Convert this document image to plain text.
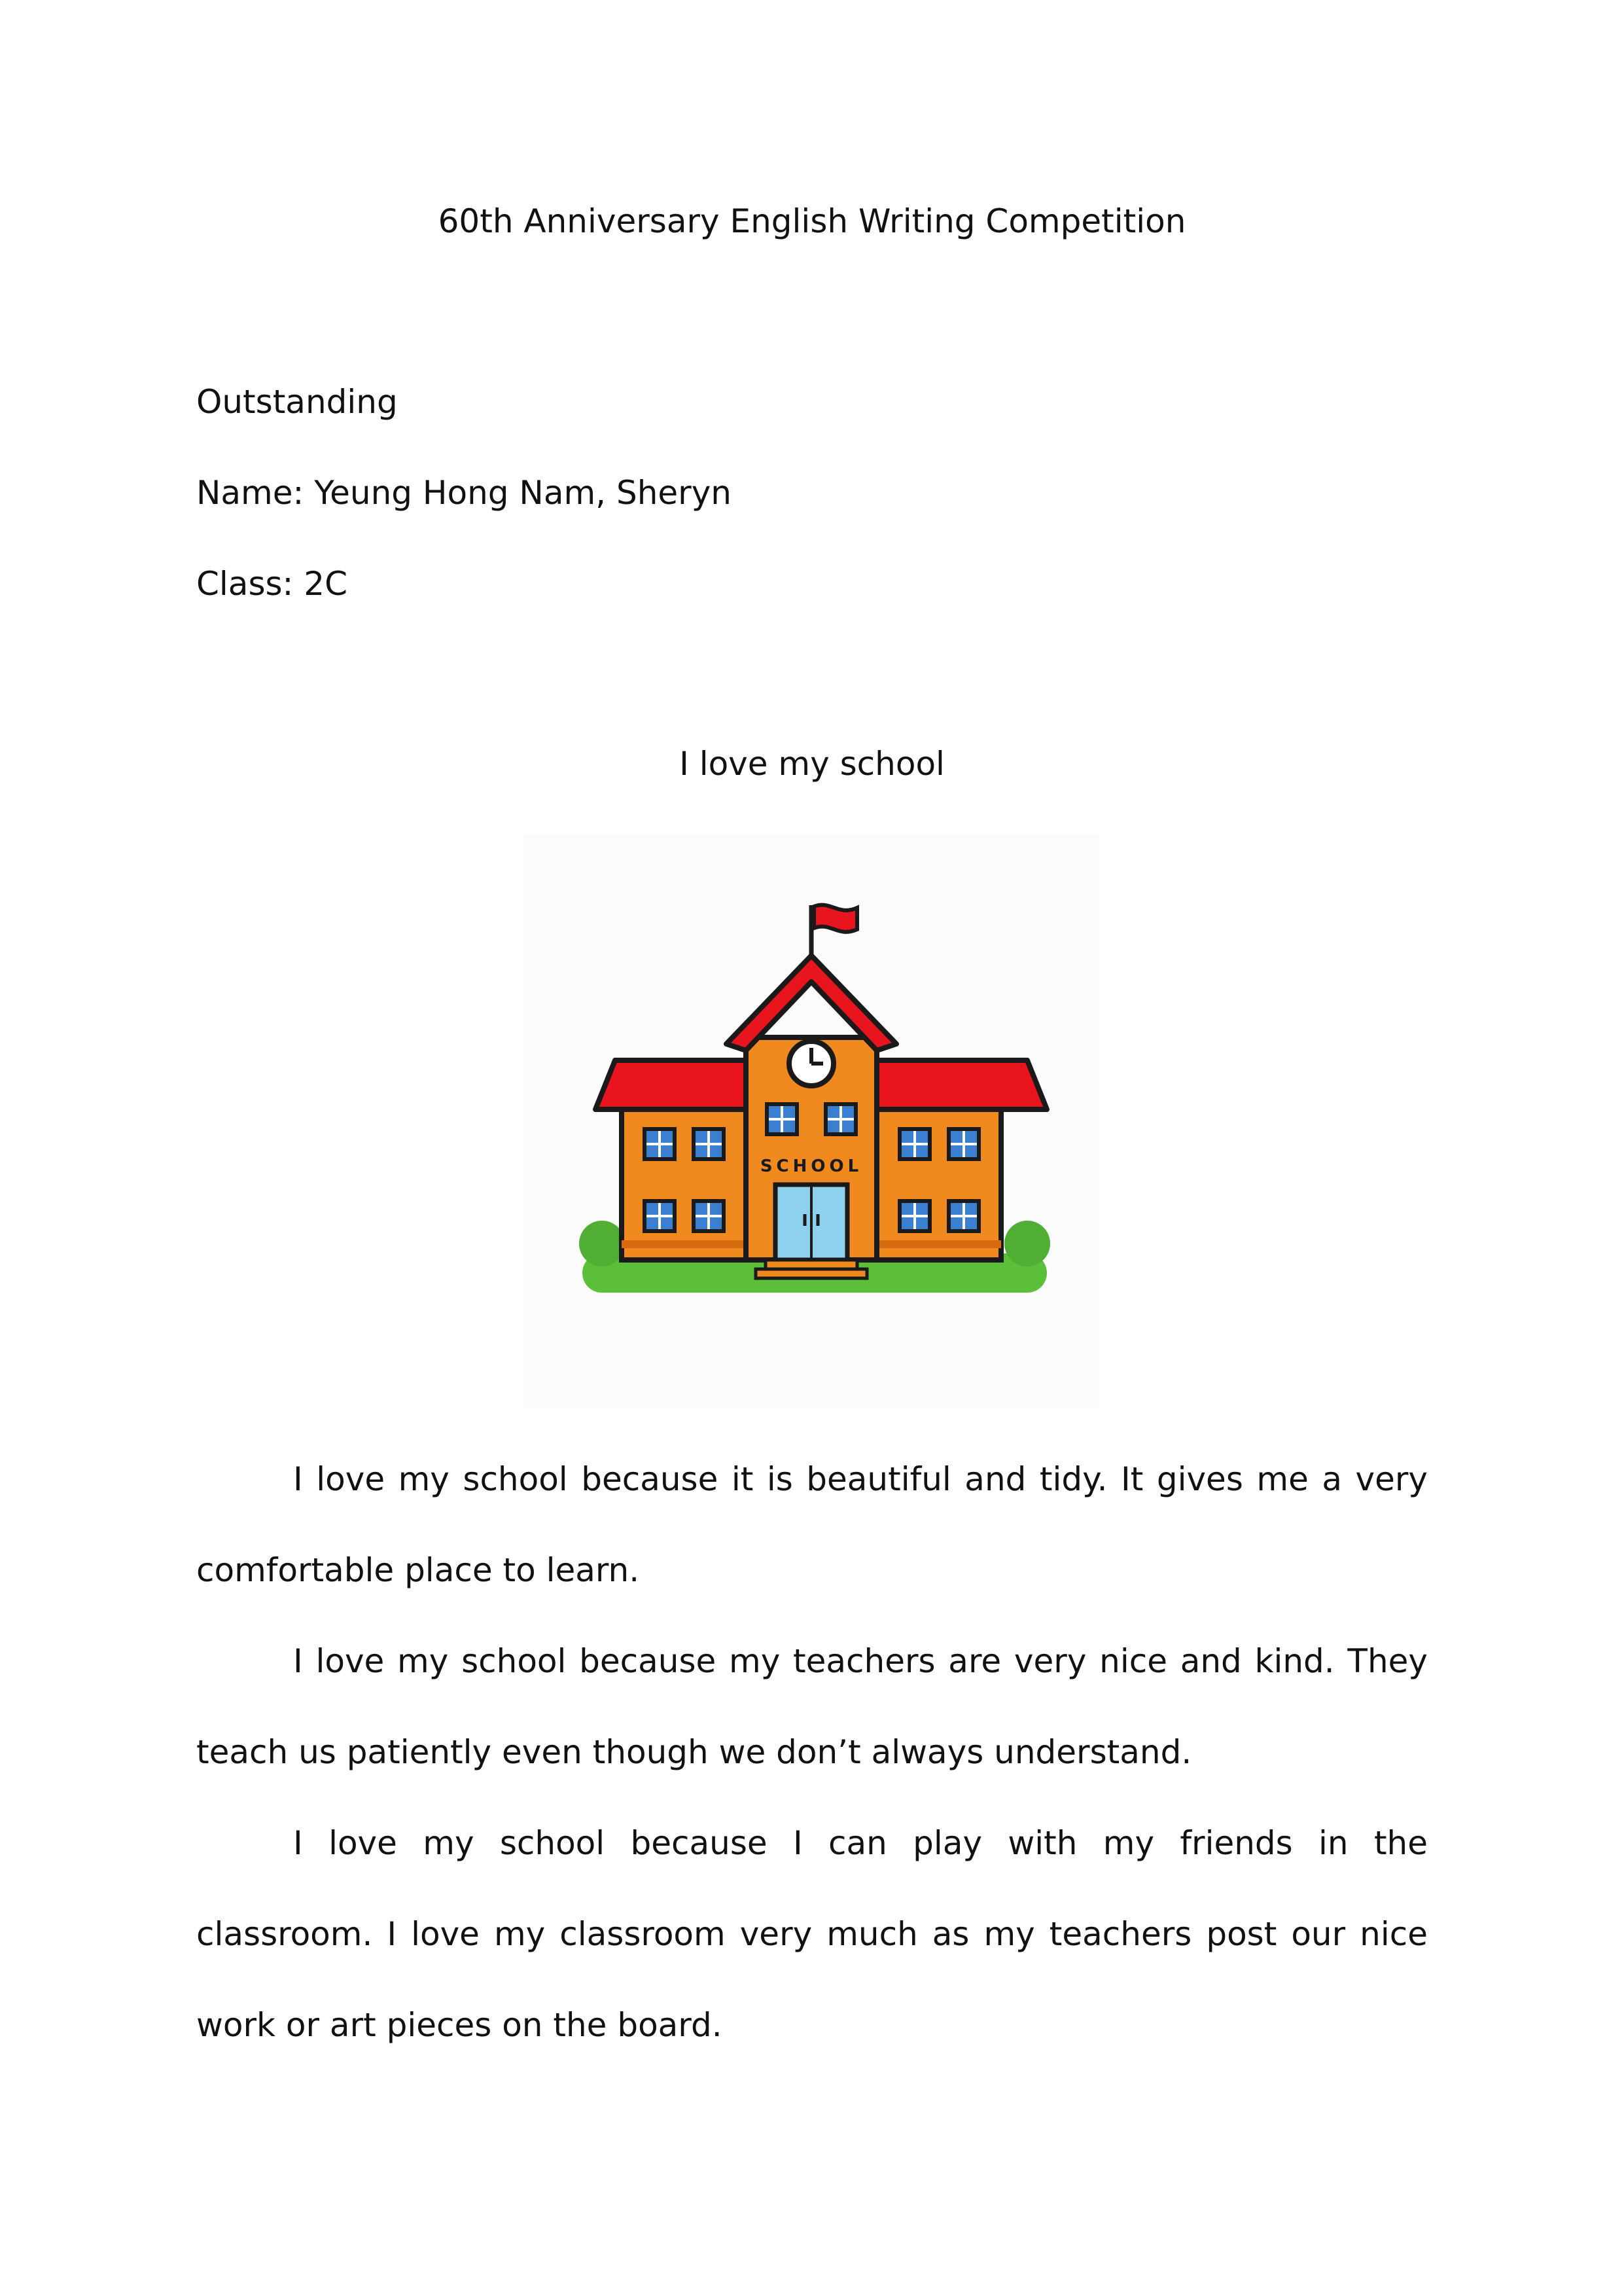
60th Anniversary English Writing Competition
Outstanding
Name: Yeung Hong Nam, Sheryn
Class: 2C
I love my school
SCHOOL

I love my school because it is beautiful and tidy. It gives me a very comfortable place to learn.

I love my school because my teachers are very nice and kind. They teach us patiently even though we don’t always understand.

I love my school because I can play with my friends in the classroom. I love my classroom very much as my teachers post our nice work or art pieces on the board.
